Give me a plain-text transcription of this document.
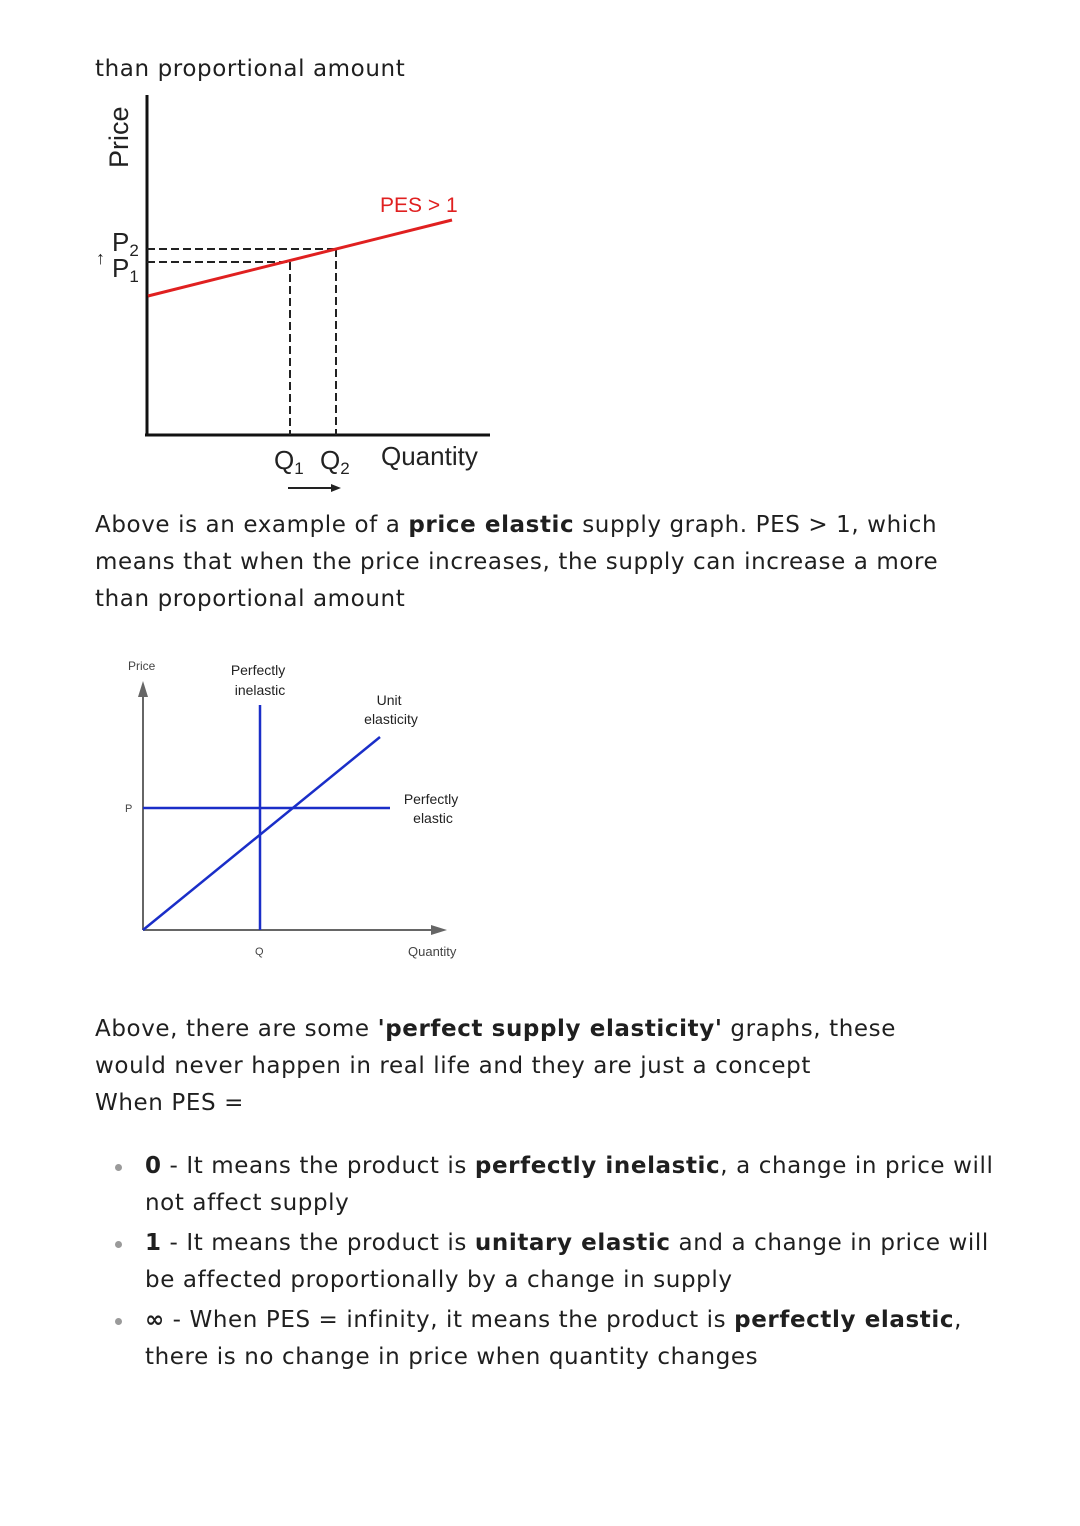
than proportional amount

Price
PES > 1
↑
P2
P1
Q1 Q2 Quantity

Above is an example of a price elastic supply graph. PES > 1, which means that when the price increases, the supply can increase a more than proportional amount

Price
P
Q	Quantity
Perfectly inelastic
Unit elasticity
Perfectly elastic

Above, there are some 'perfect supply elasticity' graphs, these would never happen in real life and they are just a concept
When PES =

0 - It means the product is perfectly inelastic, a change in price will not affect supply
1 - It means the product is unitary elastic and a change in price will be affected proportionally by a change in supply
∞ - When PES = infinity, it means the product is perfectly elastic, there is no change in price when quantity changes
